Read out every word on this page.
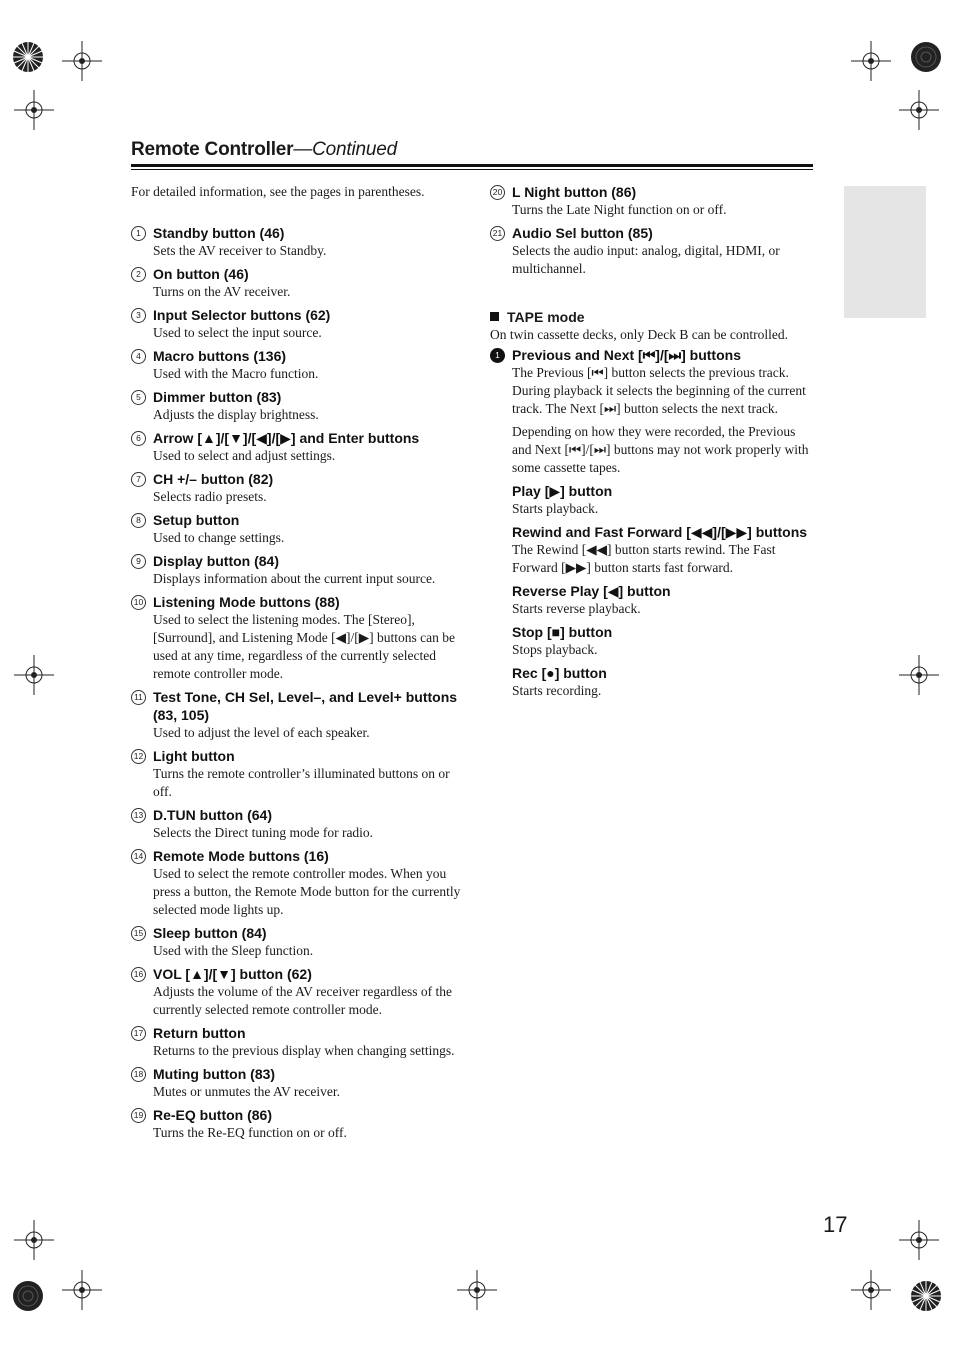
Remote Controller—Continued

For detailed information, see the pages in parentheses.

1 Standby button (46)

Sets the AV receiver to Standby.

2 On button (46)

Turns on the AV receiver.

3 Input Selector buttons (62)

Used to select the input source.

4 Macro buttons (136)

Used with the Macro function.

5 Dimmer button (83)

Adjusts the display brightness.

6 Arrow [▲]/[▼]/[◀]/[▶] and Enter buttons

Used to select and adjust settings.

7 CH +/– button (82)

Selects radio presets.

8 Setup button

Used to change settings.

9 Display button (84)

Displays information about the current input source.

10 Listening Mode buttons (88)

Used to select the listening modes. The [Stereo], [Surround], and Listening Mode [◀]/[▶] buttons can be used at any time, regardless of the currently selected remote controller mode.

11 Test Tone, CH Sel, Level–, and Level+ buttons (83, 105)

Used to adjust the level of each speaker.

12 Light button

Turns the remote controller’s illuminated buttons on or off.

13 D.TUN button (64)

Selects the Direct tuning mode for radio.

14 Remote Mode buttons (16)

Used to select the remote controller modes. When you press a button, the Remote Mode button for the currently selected mode lights up.

15 Sleep button (84)

Used with the Sleep function.

16 VOL [▲]/[▼] button (62)

Adjusts the volume of the AV receiver regardless of the currently selected remote controller mode.

17 Return button

Returns to the previous display when changing settings.

18 Muting button (83)

Mutes or unmutes the AV receiver.

19 Re-EQ button (86)

Turns the Re-EQ function on or off.

20 L Night button (86)

Turns the Late Night function on or off.

21 Audio Sel button (85)

Selects the audio input: analog, digital, HDMI, or multichannel.

TAPE mode
On twin cassette decks, only Deck B can be controlled.
1 Previous and Next [⏮]/[⏭] buttons

The Previous [⏮] button selects the previous track. During playback it selects the beginning of the current track. The Next [⏭] button selects the next track.

Depending on how they were recorded, the Previous and Next [⏮]/[⏭] buttons may not work properly with some cassette tapes.

Play [▶] button
Starts playback.
Rewind and Fast Forward [◀◀]/[▶▶] buttons
The Rewind [◀◀] button starts rewind. The Fast Forward [▶▶] button starts fast forward.
Reverse Play [◀] button
Starts reverse playback.
Stop [■] button
Stops playback.
Rec [●] button
Starts recording.
17
